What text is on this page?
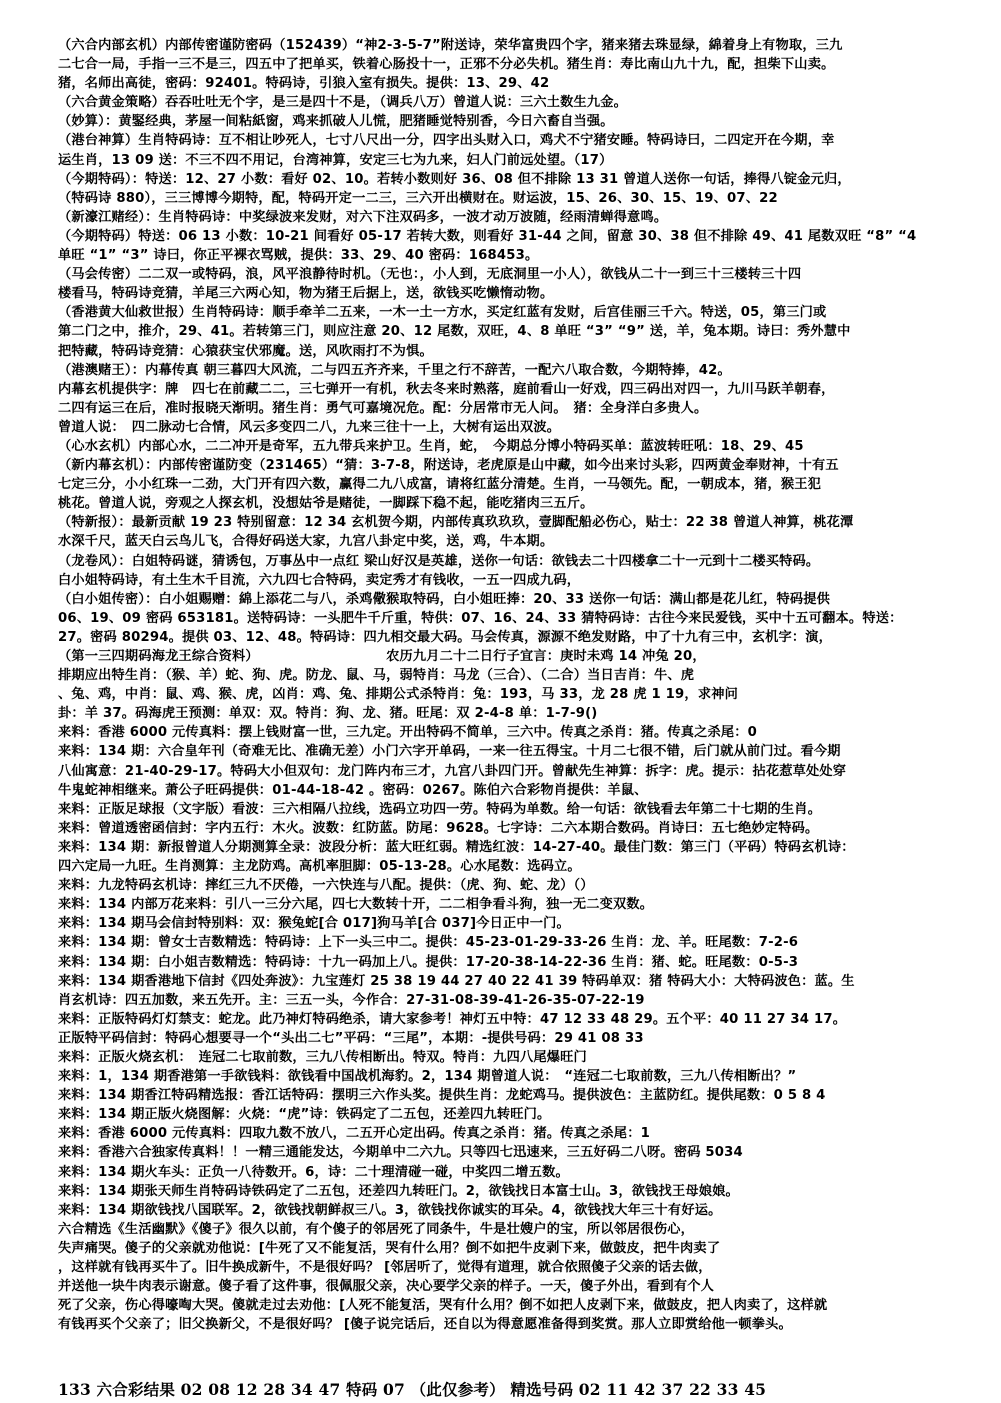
（六合内部玄机）内部传密谨防密码（152439）“神2-3-5-7”附送诗，荣华富贵四个字，猪来猪去珠显绿，綿着身上有物取，三九
二七合一局，手指一三不是三，四五中了把单买，铁着心肠投十一，正邪不分必失机。猪生肖：寿比南山九十九，配，担柴下山卖。
猪，名师出高徒，密码：92401。特码诗，引狼入室有损失。提供：13、29、42
（六合黄金策略）吞吞吐吐无个字，是三是四十不是，（调兵八万）曾道人说：三六土数生九金。
（妙算）：黄鋻经典，茅屋一间粘紙窗，鸡来抓破人儿慌，肥猪睡觉特别香，今日六畜自当强。
（港台神算）生肖特码诗：互不相让吵死人，七寸八尺出一分，四字出头财入口，鸡犬不宁猪安睡。特码诗曰，二四定开在今期，幸
运生肖，13 09 送：不三不四不用记，台湾神算，安定三七为九来，妇人门前远处望。（17）
（今期特码）：特送：12、27 小数：看好 02、10。若转小数则好 36、08 但不排除 13 31 曾道人送你一句话，捧得八锭金元归，
（特码诗 880），三三博博今期特，配，特码开定一二三，三六开出横财在。财运波，15、26、30、15、19、07、22
（新濠江赌经）：生肖特码诗：中奖绿波来发财，对六下注双码多，一波才动万波随，经雨清蝉得意鸣。
（今期特码）特送：06 13 小数：10-21 间看好 05-17 若转大数，则看好 31-44 之间，留意 30、38 但不排除 49、41 尾数双旺 “8” “4
单旺 “1” “3” 诗曰，你正平裸衣骂贼，提供：33、29、40 密码：168453。
（马会传密）二二双一或特码，浪，风平浪静待时机。（无也：，小人到，无底洞里一小人），欲钱从二十一到三十三楼转三十四
楼看马，特码诗竞猜，羊尾三六两心知，物为猪王后据上，送，欲钱买吃懒惰动物。
（香港黄大仙救世报）生肖特码诗：顺手牵羊二五来，一木一土一方水，买定红蓝有发财，后宫佳丽三千六。特送，05，第三门或
第二门之中，推介，29、41。若转第三门，则应注意 20、12 尾数，双旺，4、8 单旺 “3” “9” 送，羊，兔本期。诗曰：秀外慧中
把特藏，特码诗竞猜：心猿获宝伏邪魔。送，风吹雨打不为惧。
（港澳赌王）：内幕传真 朝三暮四大风流，二与四五齐齐来，千里之行不辞苦，一配六八取合数，今期特捧，42。
内幕玄机提供字：牌　四七在前藏二二，三七弹开一有机，秋去冬来时熟落，庭前看山一好戏，四三码出对四一，九川马跃羊朝春，
二四有运三在后，准时报晓天渐明。猪生肖：勇气可嘉境况危。配：分居常市无人问。　猪：全身洋白多贵人。
曾道人说：　四二脉动七合情，风云多变四二八，九来三往十一上，大树有运出双波。
（心水玄机）内部心水，二二冲开是奇军，五九带兵来护卫。生肖，蛇，　今期总分博小特码买单：蓝波转旺吼：18、29、45
（新内幕玄机）：内部传密谨防变（231465）“猜：3-7-8，附送诗，老虎原是山中藏，如今出来讨头彩，四两黄金奉财神，十有五
七定三分，小小红珠一二劲，大门开有四六数，赢得二九八成富，请将红蓝分清楚。生肖，一马领先。配，一朝成本，猪，猴王犯
桃花。曾道人说，旁观之人探玄机，没想姑爷是赌徒，一脚踩下稳不起，能吃猪肉三五斤。
（特新报）：最新贡献 19 23 特别留意：12 34 玄机贺今期，内部传真玖玖玖，壹脚配船必伤心，贴士：22 38 曾道人神算，桃花潭
水深千尺，蓝天白云鸟儿飞，合得好码送大家，九宫八卦定中奖，送，鸡，牛本期。
（龙卷风）：白姐特码谜，猜诱包，万事丛中一点红 梁山好汉是英雄，送你一句话：欲钱去二十四楼拿二十一元到十二楼买特码。
白小姐特码诗，有土生木千目流，六九四七合特码，卖定秀才有钱收，一五一四成九码，
（白小姐传密）：白小姐赐赠：綿上添花二与八，杀鸡儆猴取特码，白小姐旺捧：20、33 送你一句话：满山都是花儿红，特码提供
06、19、09 密码 653181。送特码诗：一头肥牛千斤重，特供：07、16、24、33 猜特码诗：古往今来民爱钱，买中十五可翻本。特送：
27。密码 80294。提供 03、12、48。特码诗：四九相交最大码。马会传真，源源不绝发财路，中了十九有三中，玄机字：演，
（第一三四期码海龙王综合资料）　　　　　　　　　　农历九月二十二日行子宜言：庚时未鸡 14 冲兔 20，
排期应出特生肖：（猴、羊）蛇、狗、虎。防龙、鼠、马，弱特肖：马龙（三合）、（二合）当日吉肖：牛、虎
、兔、鸡，中肖：鼠、鸡、猴、虎，凶肖：鸡、兔、排期公式杀特肖：兔：193，马 33，龙 28 虎 1 19，求神问
卦：羊 37。码海虎王预测：单双：双。特肖：狗、龙、猪。旺尾：双 2-4-8 单：1-7-9()
来料：香港 6000 元传真料：摆上钱财富一世，三九定。开出特码不简单，三六中。传真之杀肖：猪。传真之杀尾：0
来料：134 期：六合皇年刊（奇难无比、准确无差）小门六字开单码，一来一往五得宝。十月二七很不错，后门就从前门过。看今期
八仙寓意：21-40-29-17。特码大小但双句：龙门阵内布三才，九宫八卦四门开。曾献先生神算：拆字：虎。提示：拈花惹草处处穿
牛鬼蛇神相继来。萧公子旺码提供：01-44-18-42 。密码：0267。陈伯六合彩物肖提供：羊鼠、
来料：正版足球报（文字版）看波：三六相隔八拉线，选码立功四一劳。特码为单数。给一句话：欲钱看去年第二十七期的生肖。
来料：曾道透密函信封：字内五行：木火。波数：红防蓝。防尾：9628。七字诗：二六本期合数码。肖诗曰：五七绝妙定特码。
来料：134 期：新报曾道人分期测算全录：波段分析：蓝大旺红弱。精选红波：14-27-40。最佳门数：第三门（平码）特码玄机诗：
四六定局一九旺。生肖测算：主龙防鸡。高机率胆脚：05-13-28。心水尾数：选码立。
来料：九龙特码玄机诗：摔红三九不厌倦，一六快连与八配。提供：（虎、狗、蛇、龙）（）
来料：134 内部万花来料：引八一三分六尾，四七大数转十开，二二相争看斗狗，独一无二变双数。
来料：134 期马会信封特别料：双：猴兔蛇[合 017]狗马羊[合 037]今日正中一门。
来料：134 期：曾女士吉数精选：特码诗：上下一头三中二。提供：45-23-01-29-33-26 生肖：龙、羊。旺尾数：7-2-6
来料：134 期：白小姐吉数精选：特码诗：十九一码加上八。提供：17-20-38-14-22-36 生肖：猪、蛇。旺尾数：0-5-3
来料：134 期香港地下信封《四处奔波》：九宝莲灯 25 38 19 44 27 40 22 41 39 特码单双：猪 特码大小：大特码波色：蓝。生
肖玄机诗：四五加数，来五先开。主：三五一头，今作合：27-31-08-39-41-26-35-07-22-19
来料：正版特码灯灯禁支：蛇龙。此乃神灯特码绝杀，请大家参考！神灯五中特：47 12 33 48 29。五个平：40 11 27 34 17。
正版特平码信封：特码心想要寻一个“头出二七”平码：“三尾”，本期：-提供号码：29 41 08 33
来料：正版火烧玄机：　连冠二七取前数，三九八传相断出。特双。特肖：九四八尾爆旺门
来料：1，134 期香港第一手欲钱料：欲钱看中国战机海豹。2，134 期曾道人说：　“连冠二七取前数，三九八传相断出？”
来料：134 期香江特码精选报：香江话特码：摆明三六作头奖。提供生肖：龙蛇鸡马。提供波色：主蓝防红。提供尾数：0 5 8 4
来料：134 期正版火烧图解：火烧：“虎”诗：铁码定了二五包，还差四九转旺门。
来料：香港 6000 元传真料：四取九数不放八，二五开心定出码。传真之杀肖：猪。传真之杀尾：1
来料：香港六合独家传真料！！一精三通能发达，今期单中二六九。只等四七迅速来，三五好码二八呀。密码 5034
来料：134 期火车头：正负一八待数开。6，诗：二十理清碰一碰，中奖四二增五数。
来料：134 期张天师生肖特码诗铁码定了二五包，还差四九转旺门。2，欲钱找日本富士山。3，欲钱找王母娘娘。
来料：134 期欲钱找八国联军。2，欲钱找朝鲜叔三八。3，欲钱找你诚实的耳朵。4，欲钱找大年三十有好运。
六合精选《生活幽默》《傻子》很久以前，有个傻子的邻居死了同条牛，牛是壮嫂户的宝，所以邻居很伤心，
失声痛哭。傻子的父亲就劝他说：[牛死了又不能复活，哭有什么用？倒不如把牛皮剥下来，做鼓皮，把牛肉卖了
，这样就有钱再买牛了。旧牛换成新牛，不是很好吗？ [邻居听了，觉得有道理，就合依照傻子父亲的话去做，
并送他一块牛肉表示谢意。傻子看了这件事，很佩服父亲，决心要学父亲的样子。一天，傻子外出，看到有个人
死了父亲，伤心得嚎啕大哭。傻就走过去劝他：[人死不能复活，哭有什么用？倒不如把人皮剥下来，做鼓皮，把人肉卖了，这样就
有钱再买个父亲了；旧父换新父，不是很好吗？ [傻子说完话后，还自以为得意愿准备得到奖赏。那人立即赏给他一顿拳头。
133 六合彩结果 02 08 12 28 34 47 特码 07 （此仅参考） 精选号码 02 11 42 37 22 33 45
